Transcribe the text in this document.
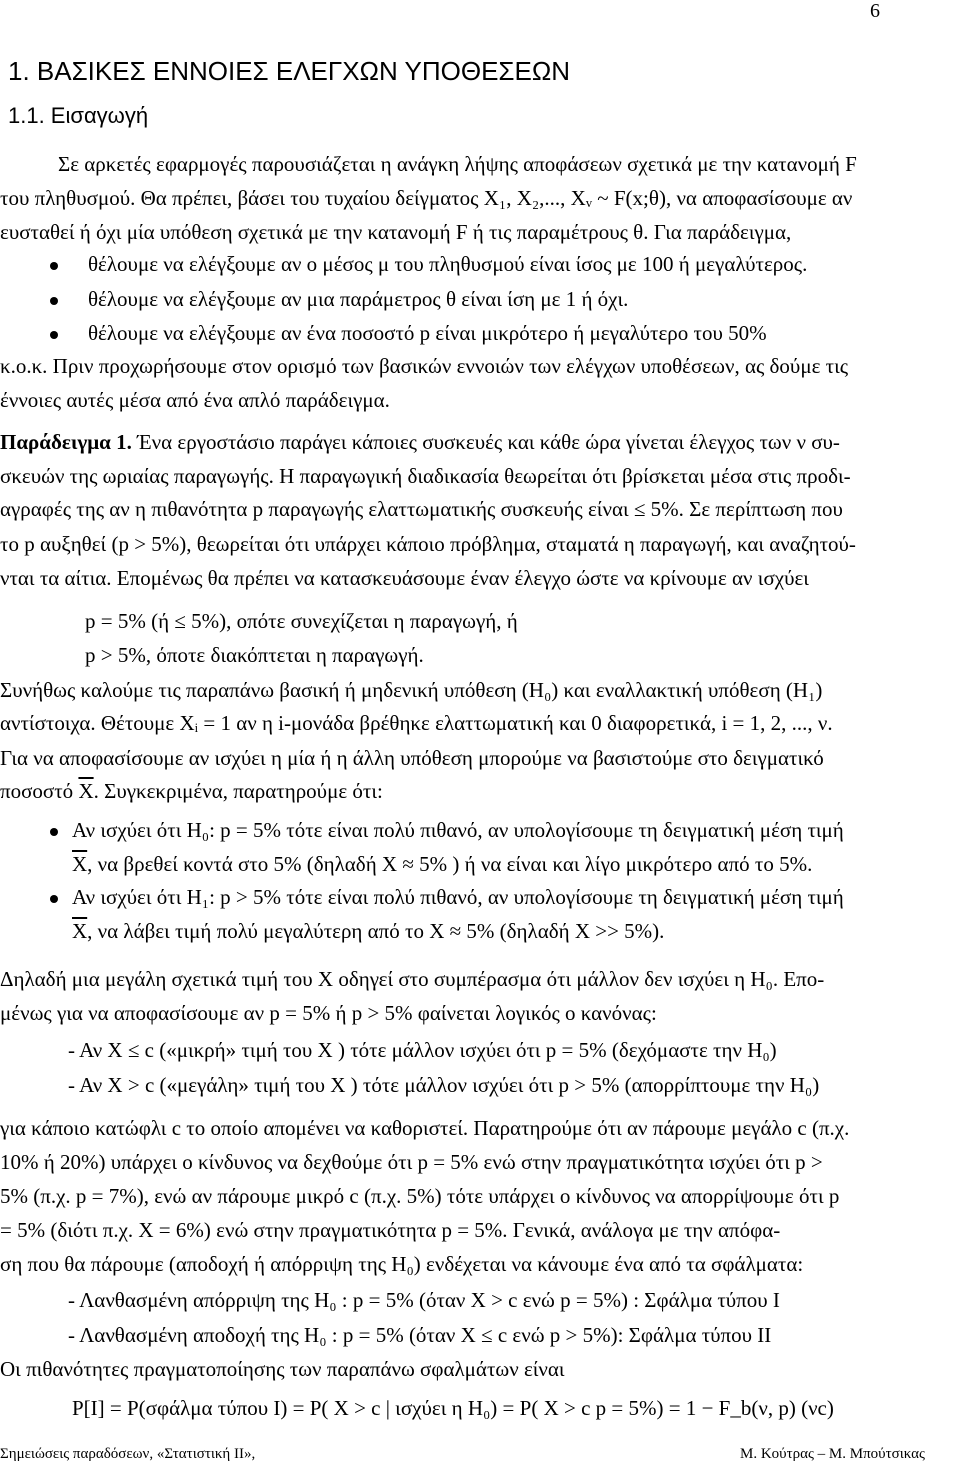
6
1. ΒΑΣΙΚΕΣ ΕΝΝΟΙΕΣ ΕΛΕΓΧΩΝ ΥΠΟΘΕΣΕΩΝ
1.1. Εισαγωγή
Σε αρκετές εφαρμογές παρουσιάζεται η ανάγκη λήψης αποφάσεων σχετικά με την κατανομή F
του πληθυσμού. Θα πρέπει, βάσει του τυχαίου δείγματος X₁, X₂,..., Xᵥ ~ F(x;θ), να αποφασίσουμε αν
ευσταθεί ή όχι μία υπόθεση σχετικά με την κατανομή F ή τις παραμέτρους θ. Για παράδειγμα,
θέλουμε να ελέγξουμε αν ο μέσος μ του πληθυσμού είναι ίσος με 100 ή μεγαλύτερος.
θέλουμε να ελέγξουμε αν μια παράμετρος θ είναι ίση με 1 ή όχι.
θέλουμε να ελέγξουμε αν ένα ποσοστό p είναι μικρότερο ή μεγαλύτερο του 50%
κ.ο.κ. Πριν προχωρήσουμε στον ορισμό των βασικών εννοιών των ελέγχων υποθέσεων, ας δούμε τις
έννοιες αυτές μέσα από ένα απλό παράδειγμα.
Παράδειγμα 1. Ένα εργοστάσιο παράγει κάποιες συσκευές και κάθε ώρα γίνεται έλεγχος των ν συ-
σκευών της ωριαίας παραγωγής. Η παραγωγική διαδικασία θεωρείται ότι βρίσκεται μέσα στις προδι-
αγραφές της αν η πιθανότητα p παραγωγής ελαττωματικής συσκευής είναι ≤ 5%. Σε περίπτωση που
το p αυξηθεί (p > 5%), θεωρείται ότι υπάρχει κάποιο πρόβλημα, σταματά η παραγωγή, και αναζητού-
νται τα αίτια. Επομένως θα πρέπει να κατασκευάσουμε έναν έλεγχο ώστε να κρίνουμε αν ισχύει
p = 5% (ή ≤ 5%), οπότε συνεχίζεται η παραγωγή, ή
p > 5%, όποτε διακόπτεται η παραγωγή.
Συνήθως καλούμε τις παραπάνω βασική ή μηδενική υπόθεση (H₀) και εναλλακτική υπόθεση (H₁)
αντίστοιχα. Θέτουμε Xᵢ = 1 αν η i-μονάδα βρέθηκε ελαττωματική και 0 διαφορετικά, i = 1, 2, ..., ν.
Για να αποφασίσουμε αν ισχύει η μία ή η άλλη υπόθεση μπορούμε να βασιστούμε στο δειγματικό
ποσοστό $\overline{X}$. Συγκεκριμένα, παρατηρούμε ότι:
Αν ισχύει ότι H₀: p = 5% τότε είναι πολύ πιθανό, αν υπολογίσουμε τη δειγματική μέση τιμή
$\overline{X}$, να βρεθεί κοντά στο 5% (δηλαδή X ≈ 5% ) ή να είναι και λίγο μικρότερο από το 5%.
Αν ισχύει ότι H₁: p > 5% τότε είναι πολύ πιθανό, αν υπολογίσουμε τη δειγματική μέση τιμή
$\overline{X}$, να λάβει τιμή πολύ μεγαλύτερη από το X ≈ 5% (δηλαδή X >> 5%).
Δηλαδή μια μεγάλη σχετικά τιμή του X οδηγεί στο συμπέρασμα ότι μάλλον δεν ισχύει η H₀. Επο-
μένως για να αποφασίσουμε αν p = 5% ή p > 5% φαίνεται λογικός ο κανόνας:
- Αν X ≤ c («μικρή» τιμή του X ) τότε μάλλον ισχύει ότι p = 5% (δεχόμαστε την H₀)
- Αν X > c («μεγάλη» τιμή του X ) τότε μάλλον ισχύει ότι p > 5% (απορρίπτουμε την H₀)
για κάποιο κατώφλι c το οποίο απομένει να καθοριστεί. Παρατηρούμε ότι αν πάρουμε μεγάλο c (π.χ.
10% ή 20%) υπάρχει ο κίνδυνος να δεχθούμε ότι p = 5% ενώ στην πραγματικότητα ισχύει ότι p >
5% (π.χ. p = 7%), ενώ αν πάρουμε μικρό c (π.χ. 5%) τότε υπάρχει ο κίνδυνος να απορρίψουμε ότι p
= 5% (διότι π.χ. X = 6%) ενώ στην πραγματικότητα p = 5%. Γενικά, ανάλογα με την απόφα-
ση που θα πάρουμε (αποδοχή ή απόρριψη της H₀) ενδέχεται να κάνουμε ένα από τα σφάλματα:
- Λανθασμένη απόρριψη της H₀ : p = 5% (όταν X > c ενώ p = 5%) : Σφάλμα τύπου I
- Λανθασμένη αποδοχή της H₀ : p = 5% (όταν X ≤ c ενώ p > 5%): Σφάλμα τύπου ΙΙ
Οι πιθανότητες πραγματοποίησης των παραπάνω σφαλμάτων είναι
P[I] = P(σφάλμα τύπου I) = P( X > c | ισχύει η H₀) = P( X > c p = 5%) = 1 − F_b(ν, p) (νc)
Σημειώσεις παραδόσεων, «Στατιστική ΙΙ»,	Μ. Κούτρας – Μ. Μπούτσικας
